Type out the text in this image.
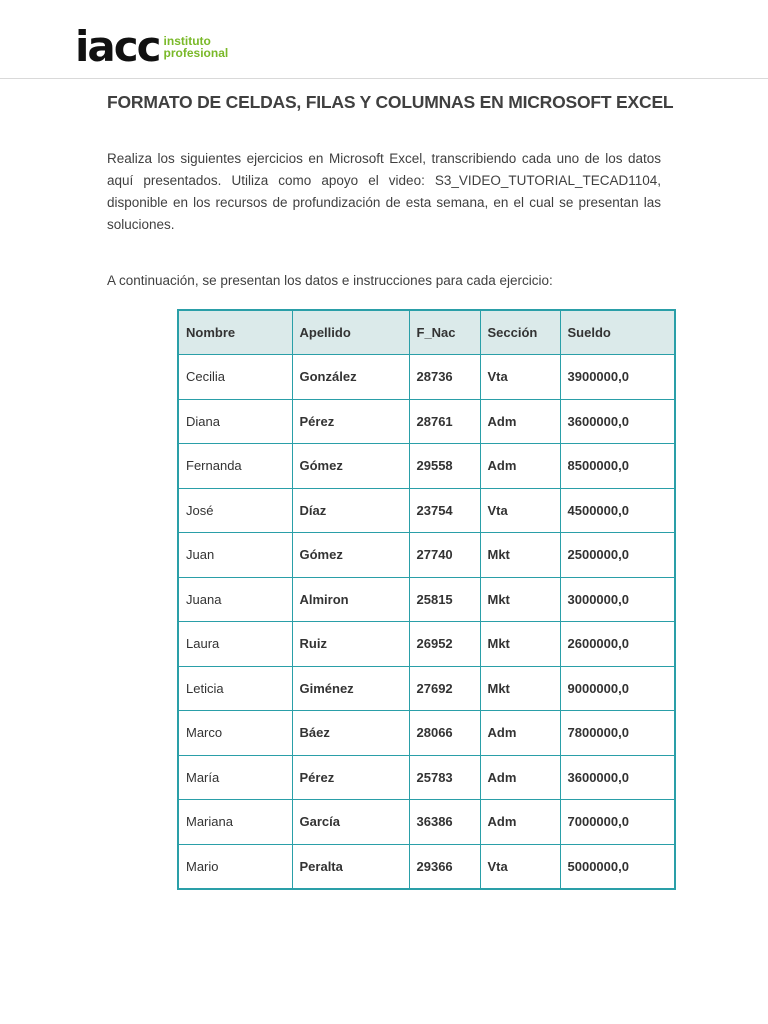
iacc instituto
profesional
FORMATO DE CELDAS, FILAS Y COLUMNAS EN MICROSOFT EXCEL
Realiza los siguientes ejercicios en Microsoft Excel, transcribiendo cada uno de los datos aquí presentados. Utiliza como apoyo el video: S3_VIDEO_TUTORIAL_TECAD1104, disponible en los recursos de profundización de esta semana, en el cual se presentan las soluciones.
A continuación, se presentan los datos e instrucciones para cada ejercicio:
Nombre	Apellido	F_Nac	Sección	Sueldo
Cecilia	González	28736	Vta	3900000,0
Diana	Pérez	28761	Adm	3600000,0
Fernanda	Gómez	29558	Adm	8500000,0
José	Díaz	23754	Vta	4500000,0
Juan	Gómez	27740	Mkt	2500000,0
Juana	Almiron	25815	Mkt	3000000,0
Laura	Ruiz	26952	Mkt	2600000,0
Leticia	Giménez	27692	Mkt	9000000,0
Marco	Báez	28066	Adm	7800000,0
María	Pérez	25783	Adm	3600000,0
Mariana	García	36386	Adm	7000000,0
Mario	Peralta	29366	Vta	5000000,0
